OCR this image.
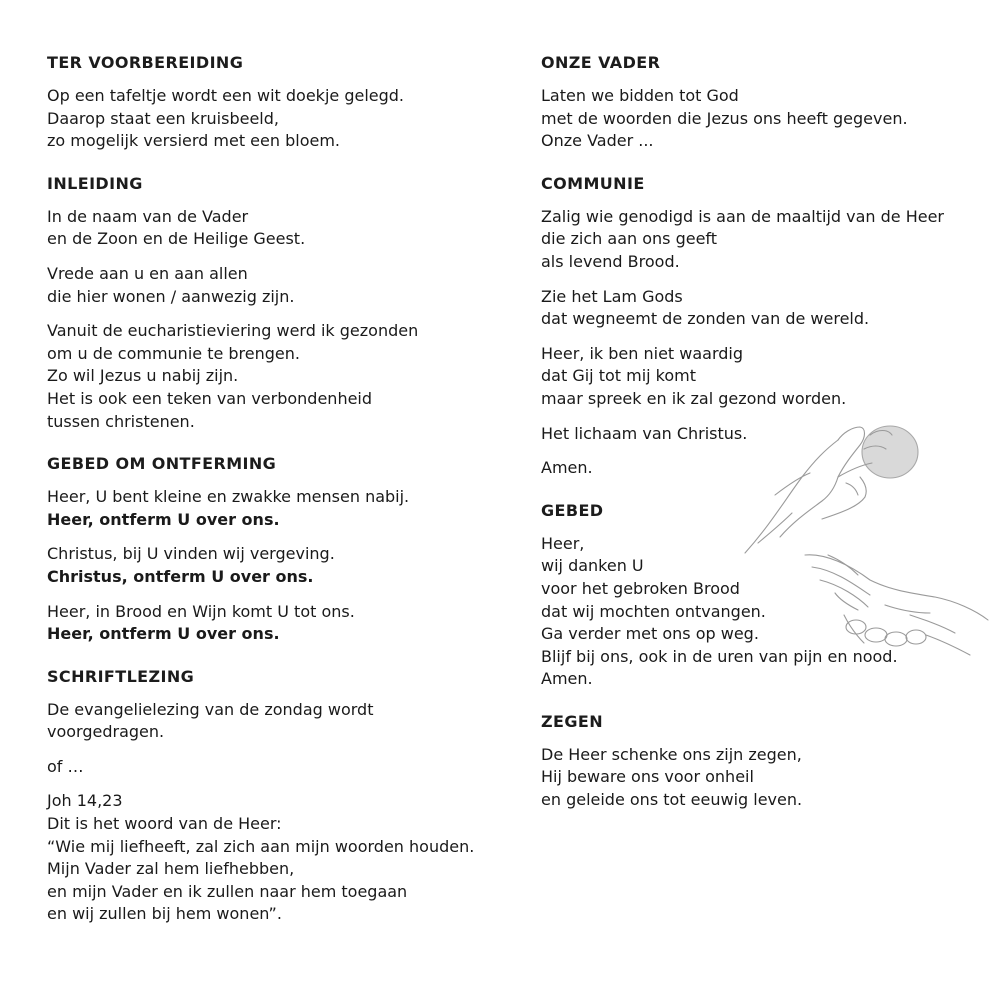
TER VOORBEREIDING
Op een tafeltje wordt een wit doekje gelegd.
Daarop staat een kruisbeeld,
zo mogelijk versierd met een bloem.
INLEIDING
In de naam van de Vader
en de Zoon en de Heilige Geest.
Vrede aan u en aan allen
die hier wonen / aanwezig zijn.
Vanuit de eucharistieviering werd ik gezonden
om u de communie te brengen.
Zo wil Jezus u nabij zijn.
Het is ook een teken van verbondenheid
tussen christenen.
GEBED OM ONTFERMING
Heer, U bent kleine en zwakke mensen nabij.
Heer, ontferm U over ons.
Christus, bij U vinden wij vergeving.
Christus, ontferm U over ons.
Heer, in Brood en Wijn komt U tot ons.
Heer, ontferm U over ons.
SCHRIFTLEZING
De evangelielezing van de zondag wordt
voorgedragen.
of …
Joh 14,23
Dit is het woord van de Heer:
“Wie mij liefheeft, zal zich aan mijn woorden houden.
Mijn Vader zal hem liefhebben,
en mijn Vader en ik zullen naar hem toegaan
en wij zullen bij hem wonen”.
ONZE VADER
Laten we bidden tot God
met de woorden die Jezus ons heeft gegeven.
Onze Vader ...
COMMUNIE
Zalig wie genodigd is aan de maaltijd van de Heer
die zich aan ons geeft
als levend Brood.
Zie het Lam Gods
dat wegneemt de zonden van de wereld.
Heer, ik ben niet waardig
dat Gij tot mij komt
maar spreek en ik zal gezond worden.
Het lichaam van Christus.
Amen.
GEBED
Heer,
wij danken U
voor het gebroken Brood
dat wij mochten ontvangen.
Ga verder met ons op weg.
Blijf bij ons, ook in de uren van pijn en nood.
Amen.
ZEGEN
De Heer schenke ons zijn zegen,
Hij beware ons voor onheil
en geleide ons tot eeuwig leven.
